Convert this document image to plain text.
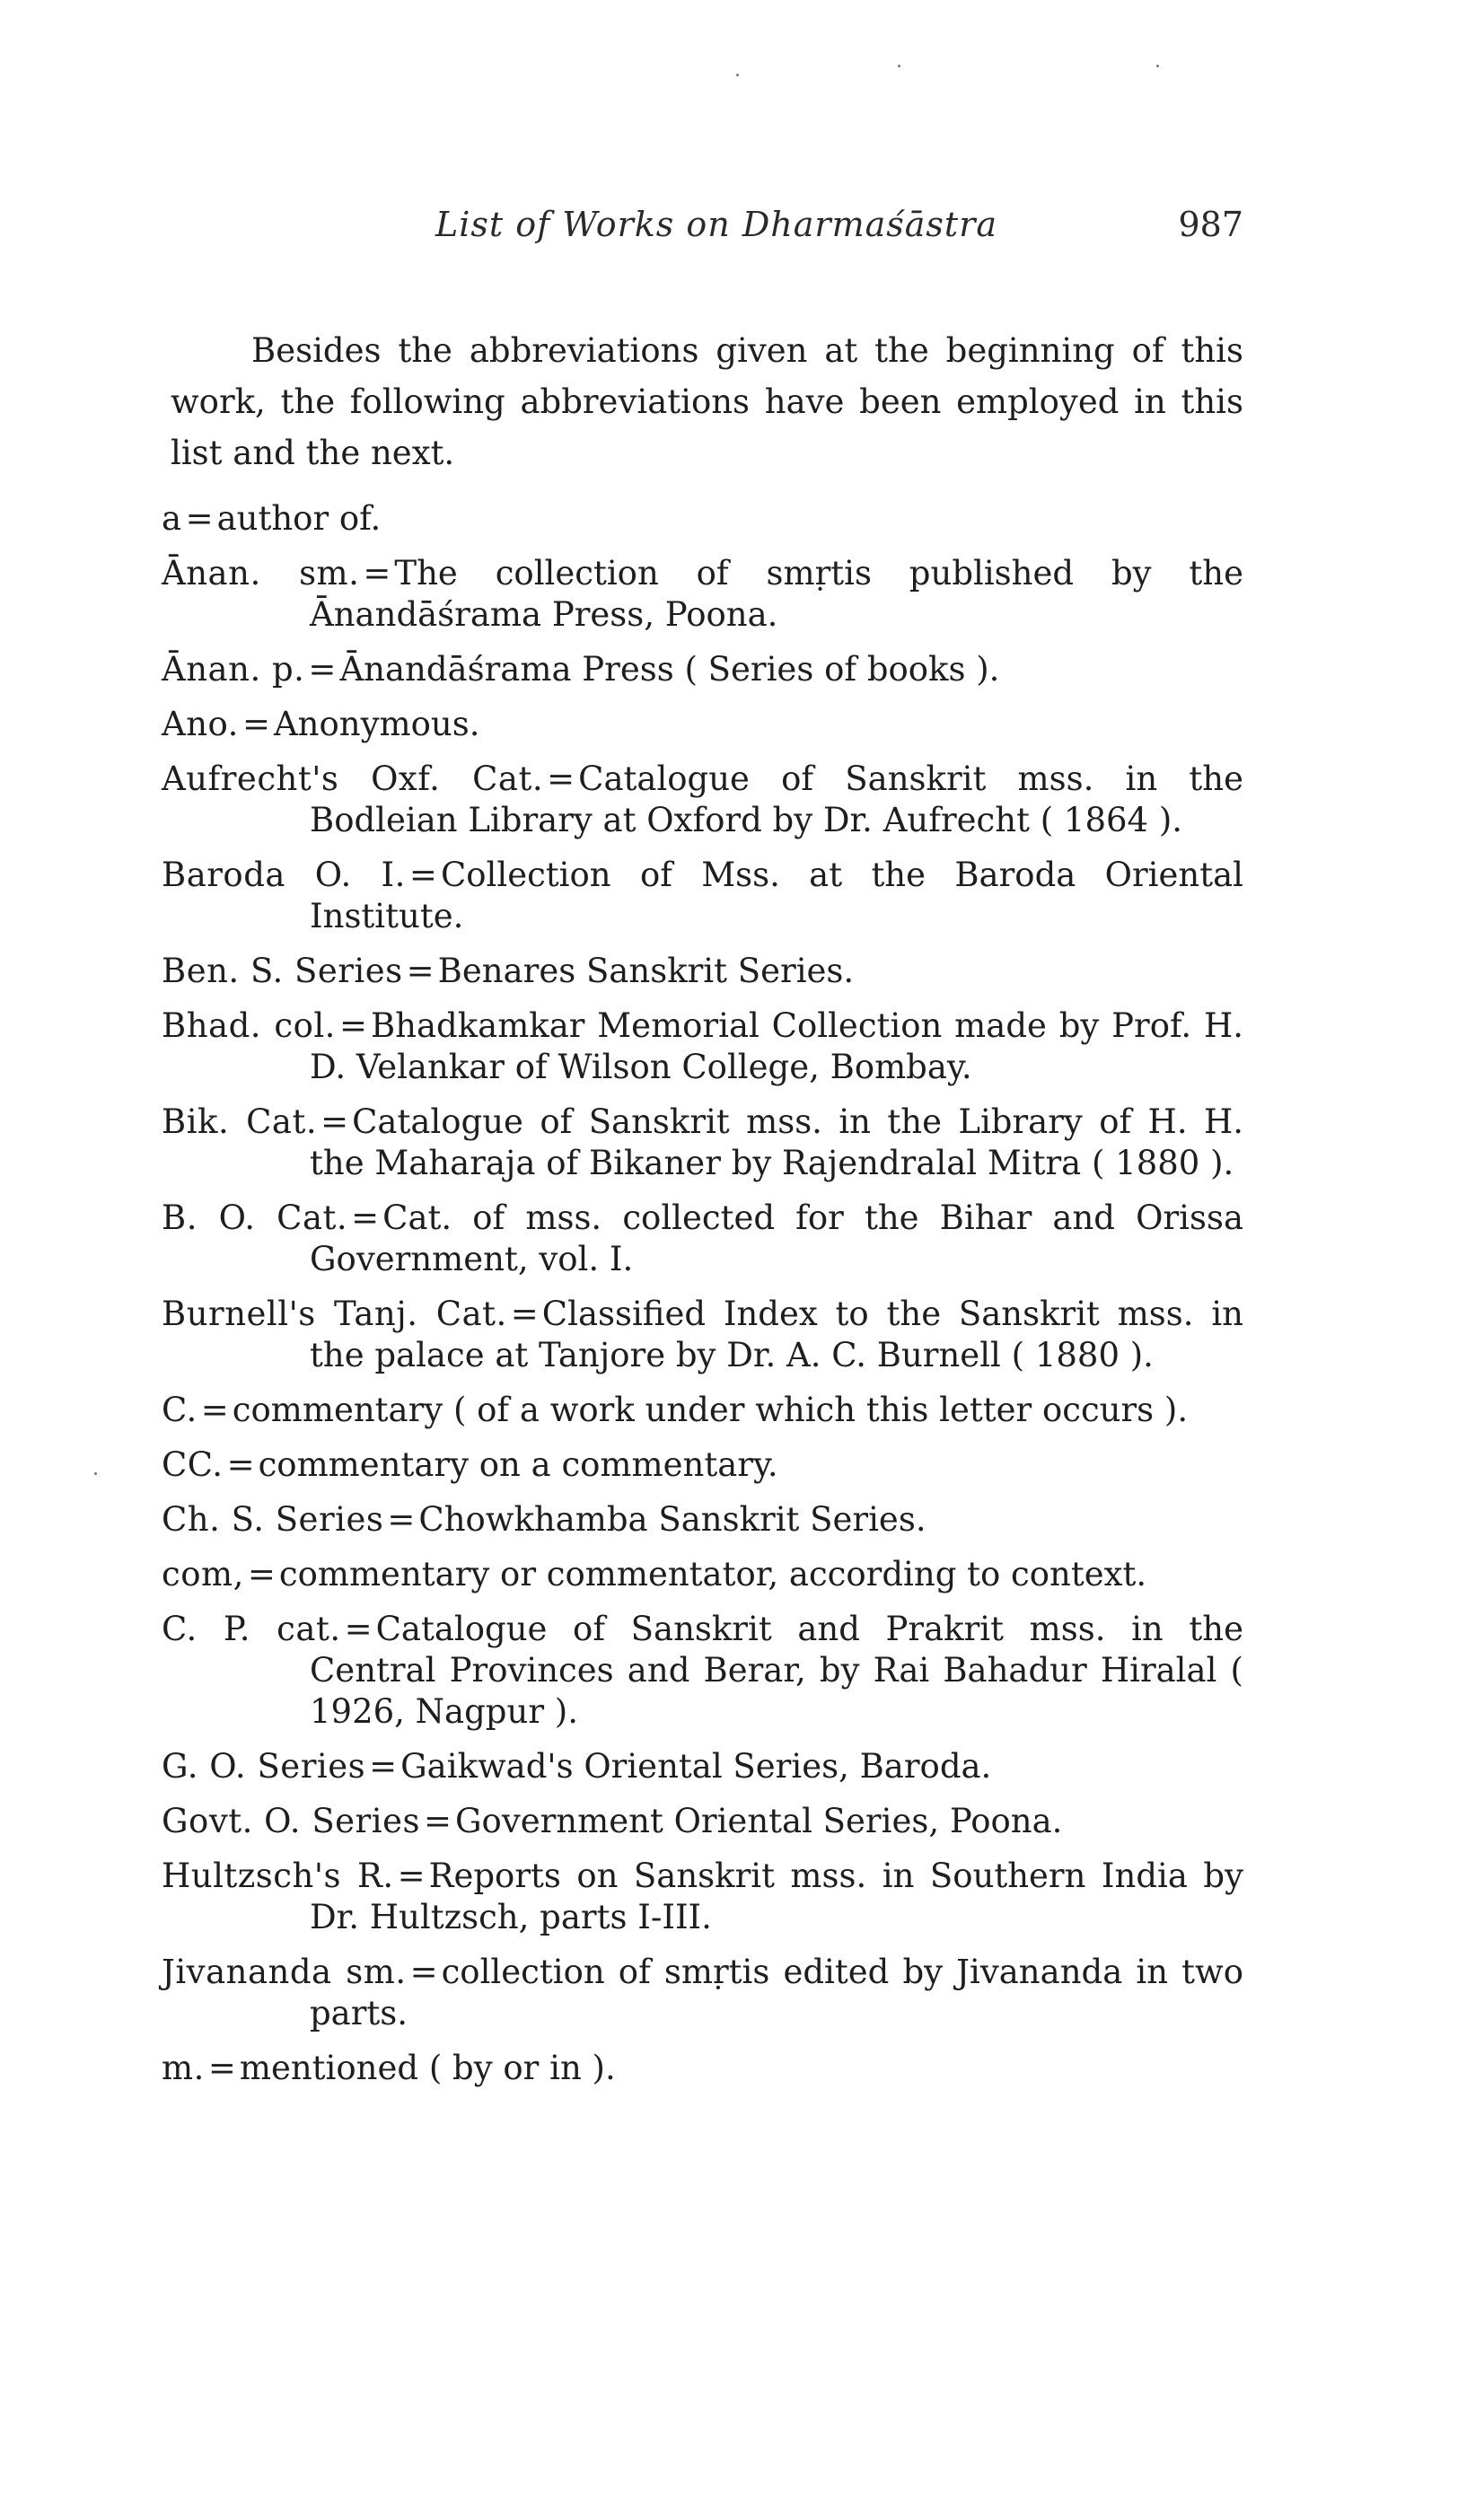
List of Works on Dharmaśāstra	987

Besides the abbreviations given at the beginning of this work, the following abbreviations have been employed in this list and the next.

a = author of.
Ānan. sm. = The collection of smṛtis published by the Ānandāśrama Press, Poona.
Ānan. p. = Ānandāśrama Press ( Series of books ).
Ano. = Anonymous.
Aufrecht's Oxf. Cat. = Catalogue of Sanskrit mss. in the Bodleian Library at Oxford by Dr. Aufrecht ( 1864 ).
Baroda O. I. = Collection of Mss. at the Baroda Oriental Institute.
Ben. S. Series = Benares Sanskrit Series.
Bhad. col. = Bhadkamkar Memorial Collection made by Prof. H. D. Velankar of Wilson College, Bombay.
Bik. Cat. = Catalogue of Sanskrit mss. in the Library of H. H. the Maharaja of Bikaner by Rajendralal Mitra ( 1880 ).
B. O. Cat. = Cat. of mss. collected for the Bihar and Orissa Government, vol. I.
Burnell's Tanj. Cat. = Classified Index to the Sanskrit mss. in the palace at Tanjore by Dr. A. C. Burnell ( 1880 ).
C. = commentary ( of a work under which this letter occurs ).
CC. = commentary on a commentary.
Ch. S. Series = Chowkhamba Sanskrit Series.
com, = commentary or commentator, according to context.
C. P. cat. = Catalogue of Sanskrit and Prakrit mss. in the Central Provinces and Berar, by Rai Bahadur Hiralal ( 1926, Nagpur ).
G. O. Series = Gaikwad's Oriental Series, Baroda.
Govt. O. Series = Government Oriental Series, Poona.
Hultzsch's R. = Reports on Sanskrit mss. in Southern India by Dr. Hultzsch, parts I-III.
Jivananda sm. = collection of smṛtis edited by Jivananda in two parts.
m. = mentioned ( by or in ).
